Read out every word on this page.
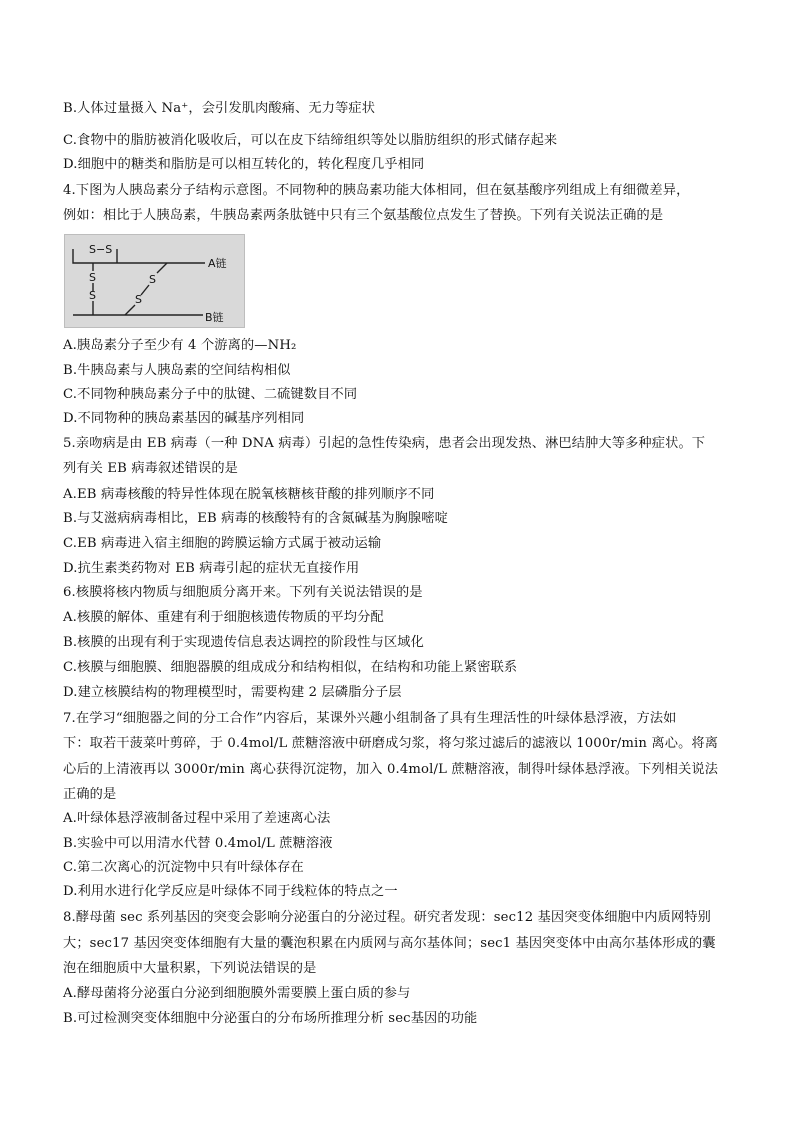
B.人体过量摄入 Na⁺，会引发肌肉酸痛、无力等症状
C.食物中的脂肪被消化吸收后，可以在皮下结缔组织等处以脂肪组织的形式储存起来
D.细胞中的糖类和脂肪是可以相互转化的，转化程度几乎相同
4.下图为人胰岛素分子结构示意图。不同物种的胰岛素功能大体相同，但在氨基酸序列组成上有细微差异，
例如：相比于人胰岛素，牛胰岛素两条肽链中只有三个氨基酸位点发生了替换。下列有关说法正确的是
S−S
S
S
S
S
A链
B链
A.胰岛素分子至少有 4 个游离的—NH₂
B.牛胰岛素与人胰岛素的空间结构相似
C.不同物种胰岛素分子中的肽键、二硫键数目不同
D.不同物种的胰岛素基因的碱基序列相同
5.亲吻病是由 EB 病毒（一种 DNA 病毒）引起的急性传染病，患者会出现发热、淋巴结肿大等多种症状。下
列有关 EB 病毒叙述错误的是
A.EB 病毒核酸的特异性体现在脱氧核糖核苷酸的排列顺序不同
B.与艾滋病病毒相比，EB 病毒的核酸特有的含氮碱基为胸腺嘧啶
C.EB 病毒进入宿主细胞的跨膜运输方式属于被动运输
D.抗生素类药物对 EB 病毒引起的症状无直接作用
6.核膜将核内物质与细胞质分离开来。下列有关说法错误的是
A.核膜的解体、重建有利于细胞核遗传物质的平均分配
B.核膜的出现有利于实现遗传信息表达调控的阶段性与区域化
C.核膜与细胞膜、细胞器膜的组成成分和结构相似，在结构和功能上紧密联系
D.建立核膜结构的物理模型时，需要构建 2 层磷脂分子层
7.在学习“细胞器之间的分工合作”内容后，某课外兴趣小组制备了具有生理活性的叶绿体悬浮液，方法如
下：取若干菠菜叶剪碎，于 0.4mol/L 蔗糖溶液中研磨成匀浆，将匀浆过滤后的滤液以 1000r/min 离心。将离
心后的上清液再以 3000r/min 离心获得沉淀物，加入 0.4mol/L 蔗糖溶液，制得叶绿体悬浮液。下列相关说法
正确的是
A.叶绿体悬浮液制备过程中采用了差速离心法
B.实验中可以用清水代替 0.4mol/L 蔗糖溶液
C.第二次离心的沉淀物中只有叶绿体存在
D.利用水进行化学反应是叶绿体不同于线粒体的特点之一
8.酵母菌 sec 系列基因的突变会影响分泌蛋白的分泌过程。研究者发现：sec12 基因突变体细胞中内质网特别
大；sec17 基因突变体细胞有大量的囊泡积累在内质网与高尔基体间；sec1 基因突变体中由高尔基体形成的囊
泡在细胞质中大量积累，下列说法错误的是
A.酵母菌将分泌蛋白分泌到细胞膜外需要膜上蛋白质的参与
B.可过检测突变体细胞中分泌蛋白的分布场所推理分析 sec基因的功能
